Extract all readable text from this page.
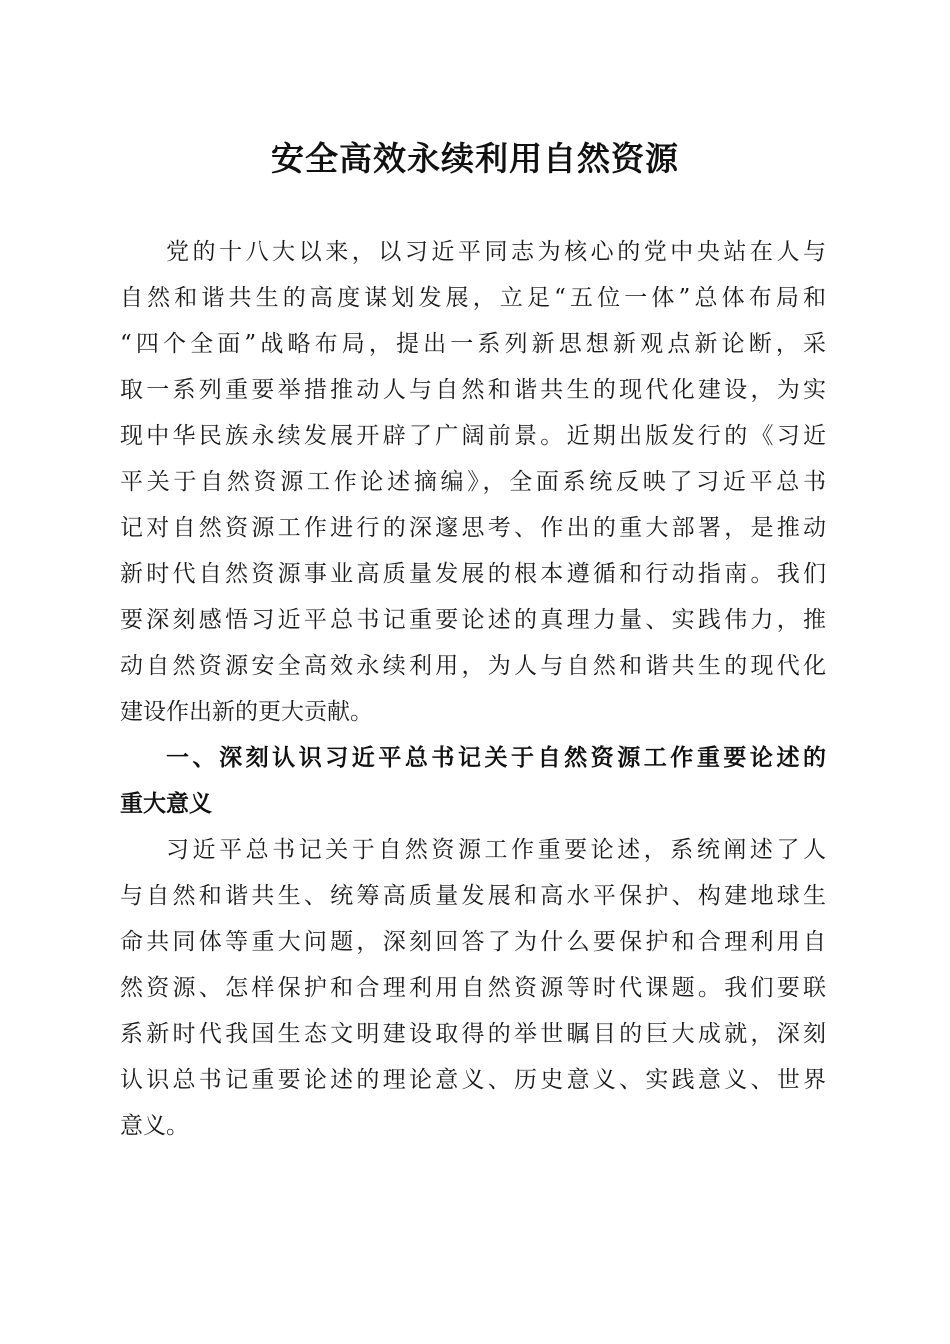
安全高效永续利用自然资源
党的十八大以来，以习近平同志为核心的党中央站在人与
自然和谐共生的高度谋划发展，立足“五位一体”总体布局和
“四个全面”战略布局，提出一系列新思想新观点新论断，采
取一系列重要举措推动人与自然和谐共生的现代化建设，为实
现中华民族永续发展开辟了广阔前景。近期出版发行的《习近
平关于自然资源工作论述摘编》，全面系统反映了习近平总书
记对自然资源工作进行的深邃思考、作出的重大部署，是推动
新时代自然资源事业高质量发展的根本遵循和行动指南。我们
要深刻感悟习近平总书记重要论述的真理力量、实践伟力，推
动自然资源安全高效永续利用，为人与自然和谐共生的现代化
建设作出新的更大贡献。
一、深刻认识习近平总书记关于自然资源工作重要论述的
重大意义
习近平总书记关于自然资源工作重要论述，系统阐述了人
与自然和谐共生、统筹高质量发展和高水平保护、构建地球生
命共同体等重大问题，深刻回答了为什么要保护和合理利用自
然资源、怎样保护和合理利用自然资源等时代课题。我们要联
系新时代我国生态文明建设取得的举世瞩目的巨大成就，深刻
认识总书记重要论述的理论意义、历史意义、实践意义、世界
意义。
